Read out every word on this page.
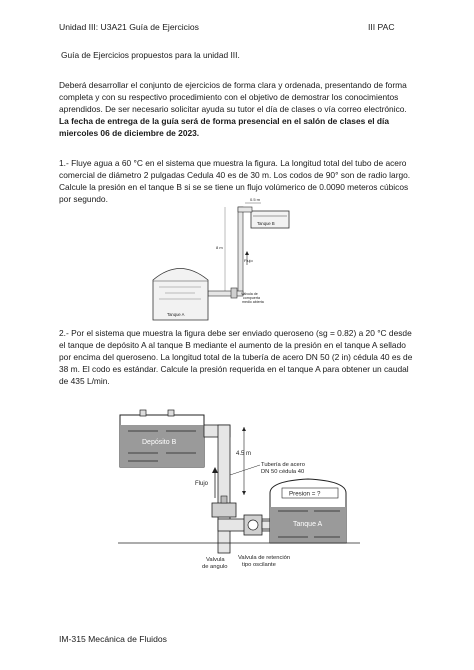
Unidad III: U3A21 Guía de Ejercicios	III PAC
Guía de Ejercicios propuestos para la unidad III.
Deberá desarrollar el conjunto de ejercicios de forma clara y ordenada, presentando de forma completa y con su respectivo procedimiento con el objetivo de demostrar los conocimientos aprendidos. De ser necesario solicitar ayuda su tutor el día de clases o vía correo electrónico. La fecha de entrega de la guía será de forma presencial en el salón de clases el día miercoles 06 de diciembre de 2023.
1.- Fluye agua a 60 °C en el sistema que muestra la figura. La longitud total del tubo de acero comercial de diámetro 2 pulgadas Cedula 40 es de 30 m. Los codos de 90° son de radio largo. Calcule la presión en el tanque B si se se tiene un flujo volúmerico de 0.0090 meteros cúbicos por segundo.
Tanque B
0.5 m
8 m
Flujo
Válvula de
compuerta
medio abierta
Tanque A
2.- Por el sistema que muestra la figura debe ser enviado queroseno (sg = 0.82) a 20 °C desde el tanque de depósito A al tanque B mediante el aumento de la presión en el tanque A sellado por encima del queroseno. La longitud total de la tubería de acero DN 50 (2 in) cédula 40 es de 38 m. El codo es estándar. Calcule la presión requerida en el tanque A para obtener un caudal de 435 L/min.
Depósito B
4.5 m
Tubería de acero
DN 50 cédula 40
Flujo
Presion = ?
Tanque A
Valvula
de angulo
Valvula de retención
tipo oscilante
IM-315 Mecánica de Fluidos
